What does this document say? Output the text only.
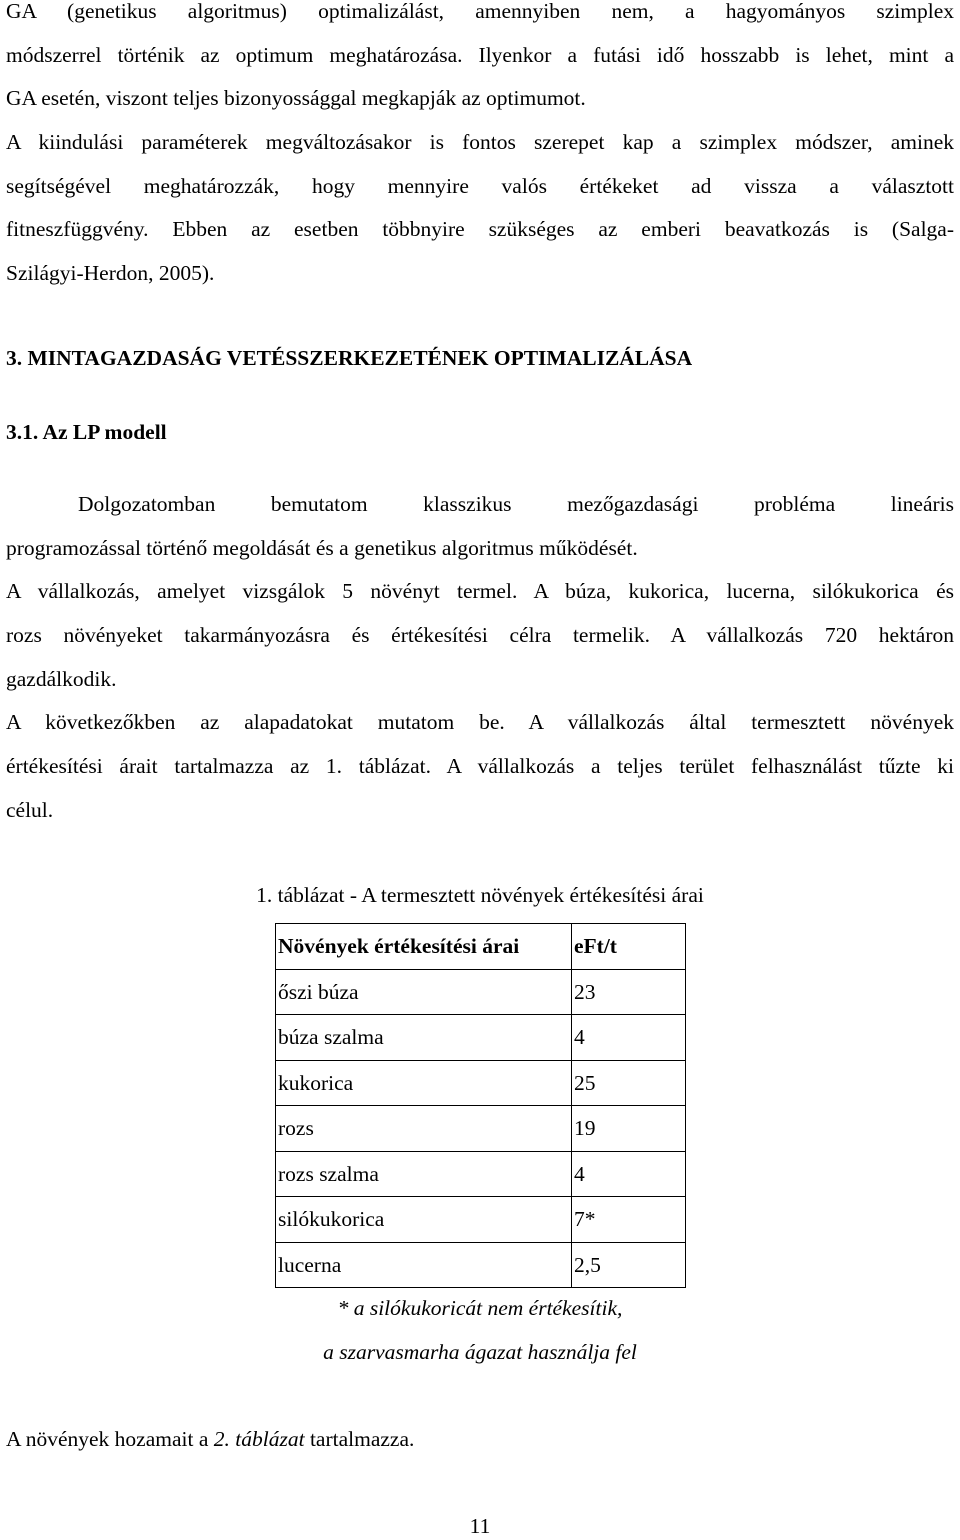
GA (genetikus algoritmus) optimalizálást, amennyiben nem, a hagyományos szimplex
módszerrel történik az optimum meghatározása. Ilyenkor a futási idő hosszabb is lehet, mint a
GA esetén, viszont teljes bizonyossággal megkapják az optimumot.
A kiindulási paraméterek megváltozásakor is fontos szerepet kap a szimplex módszer, aminek
segítségével meghatározzák, hogy mennyire valós értékeket ad vissza a választott
fitneszfüggvény. Ebben az esetben többnyire szükséges az emberi beavatkozás is (Salga-
Szilágyi-Herdon, 2005).

3. MINTAGAZDASÁG VETÉSSZERKEZETÉNEK OPTIMALIZÁLÁSA

3.1. Az LP modell

Dolgozatomban bemutatom klasszikus mezőgazdasági probléma lineáris
programozással történő megoldását és a genetikus algoritmus működését.
A vállalkozás, amelyet vizsgálok 5 növényt termel. A búza, kukorica, lucerna, silókukorica és
rozs növényeket takarmányozásra és értékesítési célra termelik. A vállalkozás 720 hektáron
gazdálkodik.
A következőkben az alapadatokat mutatom be. A vállalkozás által termesztett növények
értékesítési árait tartalmazza az 1. táblázat. A vállalkozás a teljes terület felhasználást tűzte ki
célul.

1. táblázat - A termesztett növények értékesítési árai

Növények értékesítési árai	eFt/t
őszi búza	23
búza szalma	4
kukorica	25
rozs	19
rozs szalma	4
silókukorica	7*
lucerna	2,5

* a silókukoricát nem értékesítik,

a szarvasmarha ágazat használja fel

A növények hozamait a 2. táblázat tartalmazza.

11
